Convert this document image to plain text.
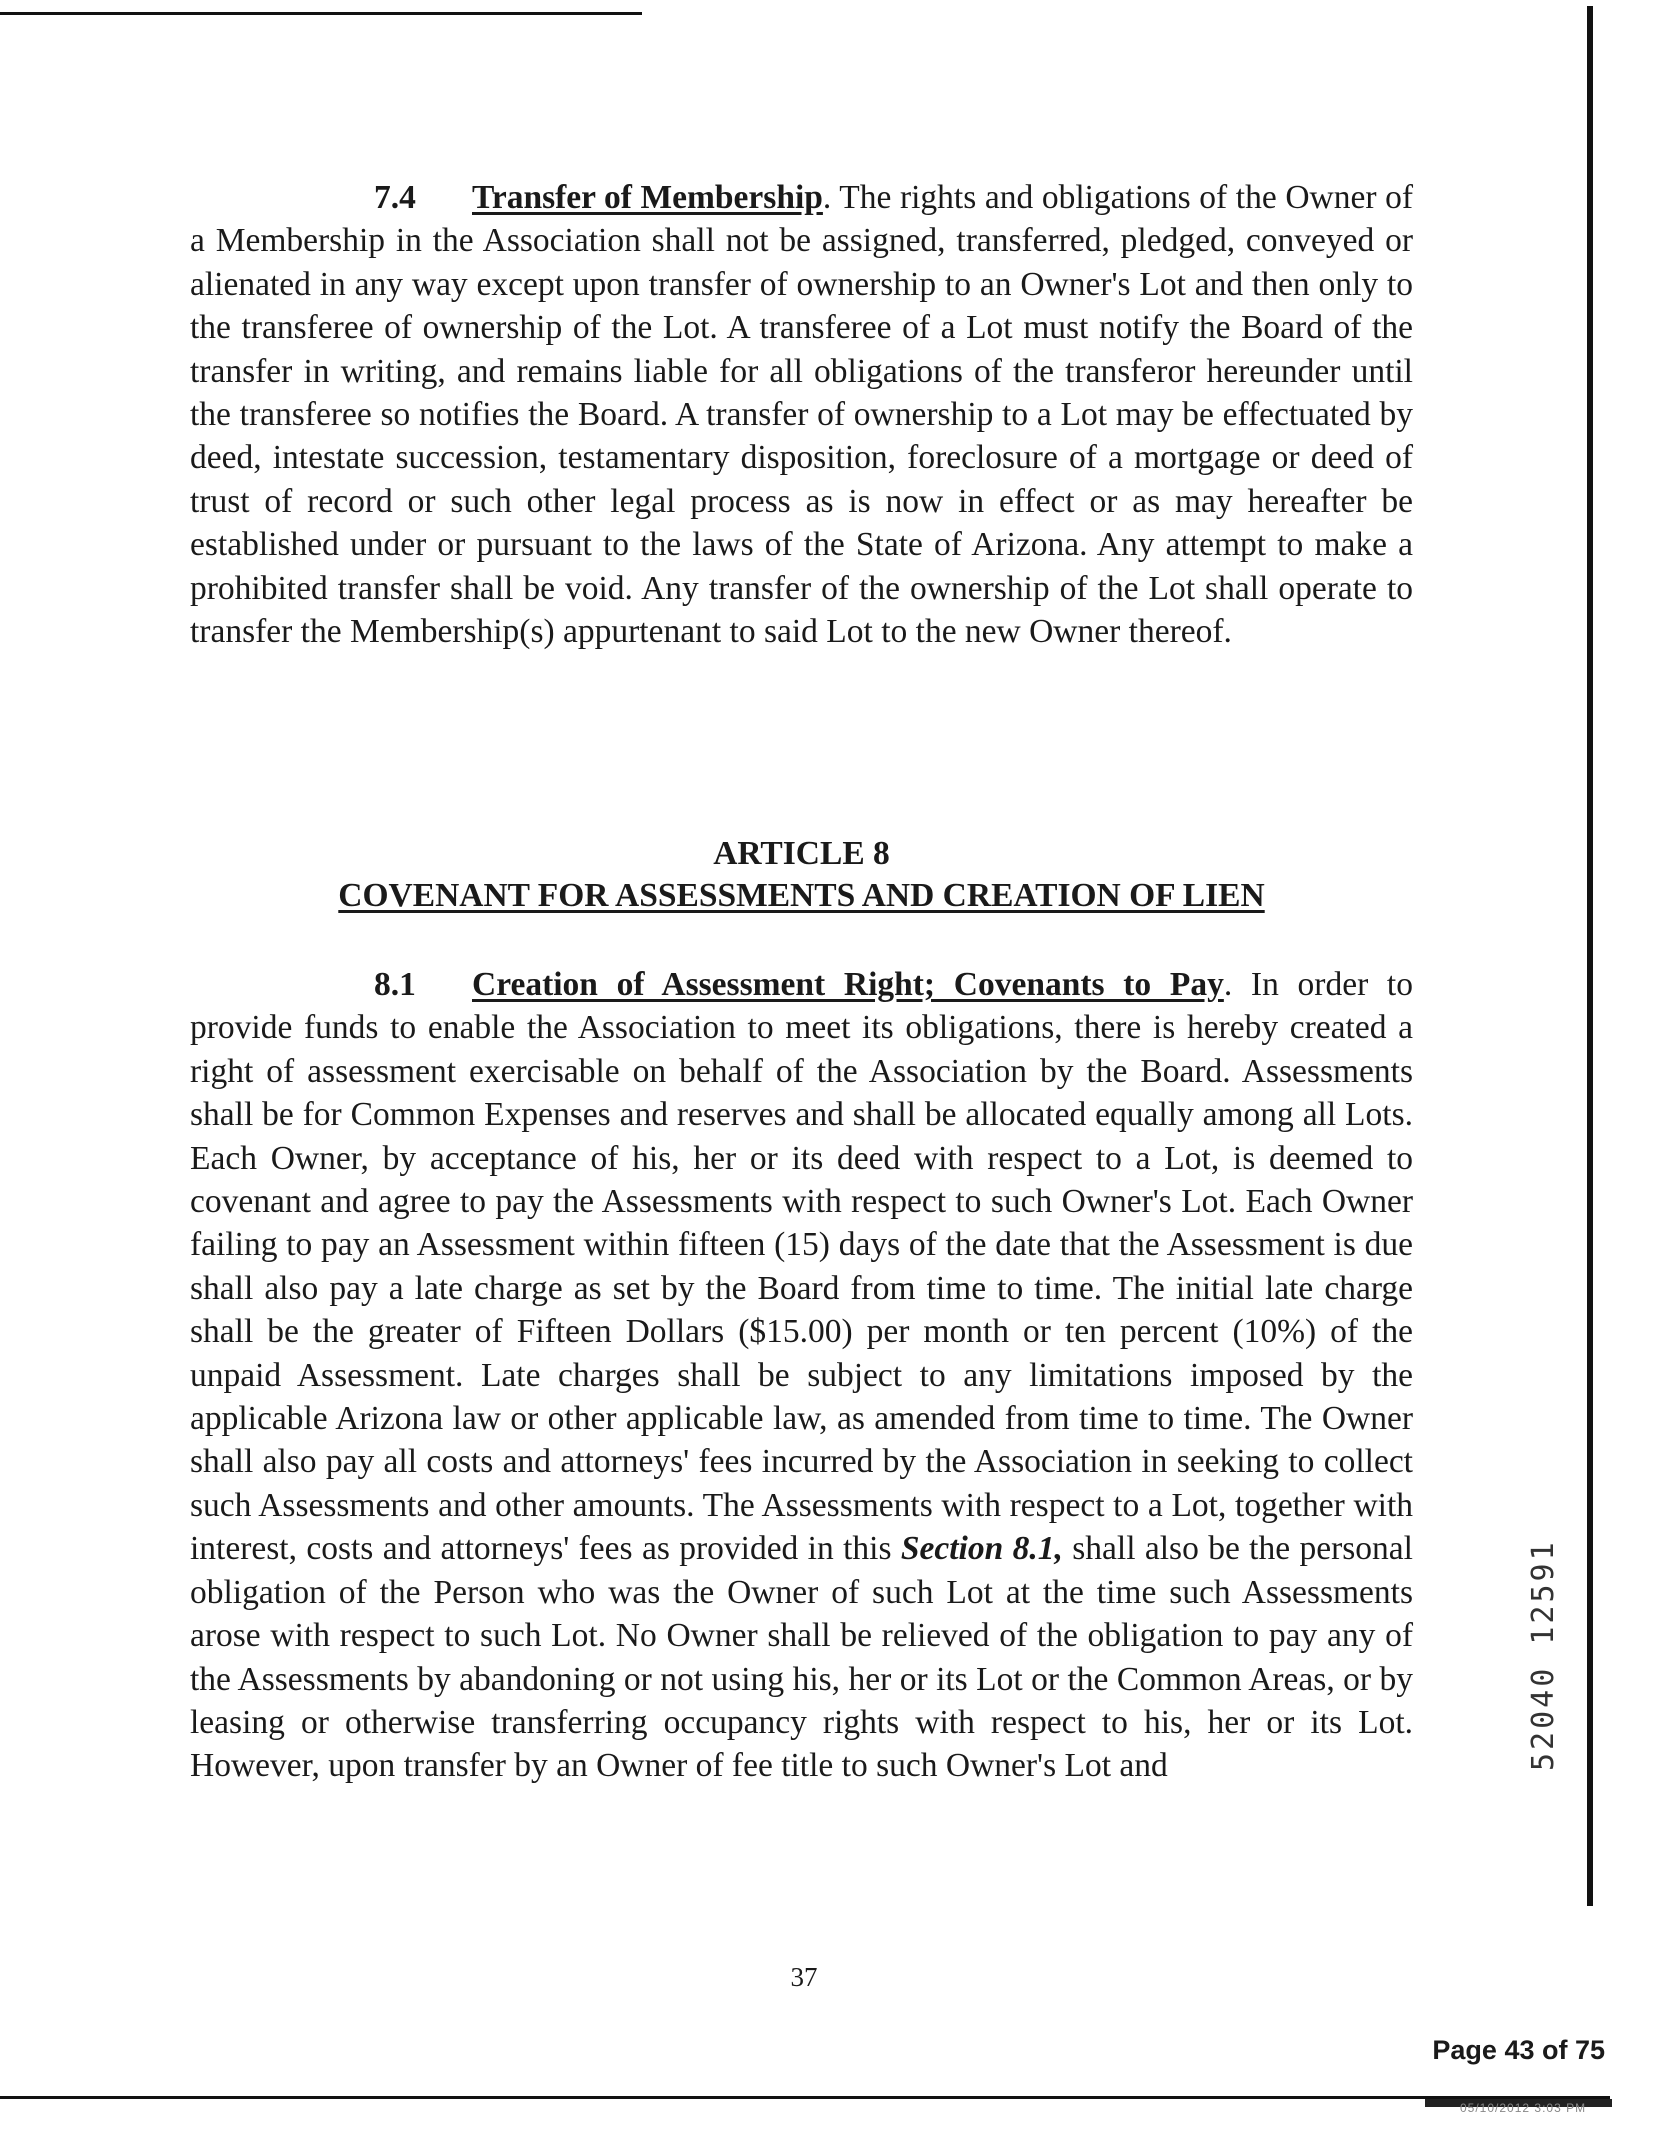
7.4 Transfer of Membership. The rights and obligations of the Owner of a Membership in the Association shall not be assigned, transferred, pledged, conveyed or alienated in any way except upon transfer of ownership to an Owner's Lot and then only to the transferee of ownership of the Lot. A transferee of a Lot must notify the Board of the transfer in writing, and remains liable for all obligations of the transferor hereunder until the transferee so notifies the Board. A transfer of ownership to a Lot may be effectuated by deed, intestate succession, testamentary disposition, foreclosure of a mortgage or deed of trust of record or such other legal process as is now in effect or as may hereafter be established under or pursuant to the laws of the State of Arizona. Any attempt to make a prohibited transfer shall be void. Any transfer of the ownership of the Lot shall operate to transfer the Membership(s) appurtenant to said Lot to the new Owner thereof.

ARTICLE 8
COVENANT FOR ASSESSMENTS AND CREATION OF LIEN

8.1 Creation of Assessment Right; Covenants to Pay. In order to provide funds to enable the Association to meet its obligations, there is hereby created a right of assessment exercisable on behalf of the Association by the Board. Assessments shall be for Common Expenses and reserves and shall be allocated equally among all Lots. Each Owner, by acceptance of his, her or its deed with respect to a Lot, is deemed to covenant and agree to pay the Assessments with respect to such Owner's Lot. Each Owner failing to pay an Assessment within fifteen (15) days of the date that the Assessment is due shall also pay a late charge as set by the Board from time to time. The initial late charge shall be the greater of Fifteen Dollars ($15.00) per month or ten percent (10%) of the unpaid Assessment. Late charges shall be subject to any limitations imposed by the applicable Arizona law or other applicable law, as amended from time to time. The Owner shall also pay all costs and attorneys' fees incurred by the Association in seeking to collect such Assessments and other amounts. The Assessments with respect to a Lot, together with interest, costs and attorneys' fees as provided in this Section 8.1, shall also be the personal obligation of the Person who was the Owner of such Lot at the time such Assessments arose with respect to such Lot. No Owner shall be relieved of the obligation to pay any of the Assessments by abandoning or not using his, her or its Lot or the Common Areas, or by leasing or otherwise transferring occupancy rights with respect to his, her or its Lot. However, upon transfer by an Owner of fee title to such Owner's Lot and	52040 12591
37
Page 43 of 75
05/10/2012 3:03 PM
